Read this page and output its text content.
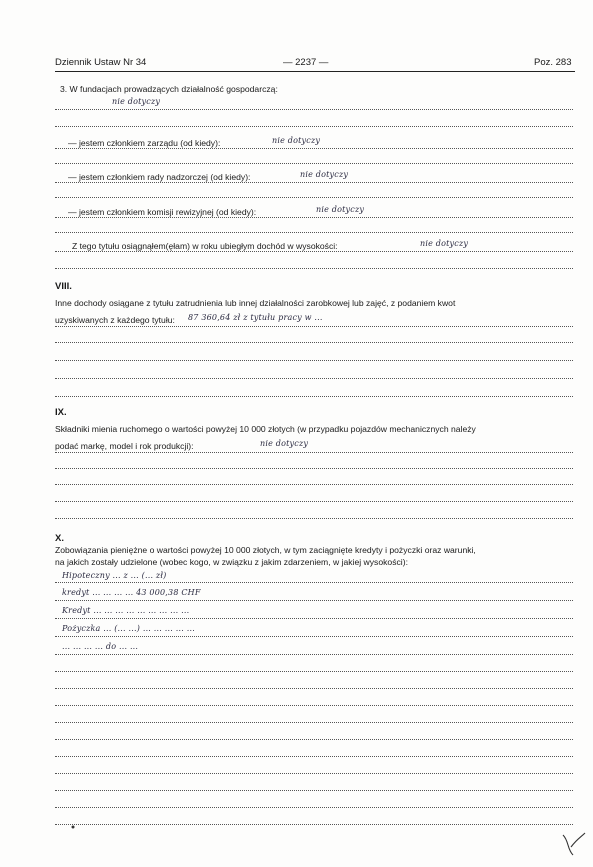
Dziennik Ustaw Nr 34	— 2237 —	Poz. 283
3. W fundacjach prowadzących działalność gospodarczą:
nie dotyczy
— jestem członkiem zarządu (od kiedy):	nie dotyczy
— jestem członkiem rady nadzorczej (od kiedy):	nie dotyczy
— jestem członkiem komisji rewizyjnej (od kiedy):	nie dotyczy
Z tego tytułu osiągnąłem(ęłam) w roku ubiegłym dochód w wysokości:	nie dotyczy
VIII.
Inne dochody osiągane z tytułu zatrudnienia lub innej działalności zarobkowej lub zajęć, z podaniem kwot
uzyskiwanych z każdego tytułu: 87 360,64 zł z tytułu pracy w ...
IX.
Składniki mienia ruchomego o wartości powyżej 10 000 złotych (w przypadku pojazdów mechanicznych należy
podać markę, model i rok produkcji):	nie dotyczy
X.
Zobowiązania pieniężne o wartości powyżej 10 000 złotych, w tym zaciągnięte kredyty i pożyczki oraz warunki,
na jakich zostały udzielone (wobec kogo, w związku z jakim zdarzeniem, w jakiej wysokości):
Hipoteczny ... z ... (... zł)
kredyt ... ... ... ... 43 000,38 CHF
Kredyt ... ... ... ... ... ... ... ... ...
Pożyczka ... (... ...) ... ... ... ... ...
... ... ... ... do ... ...
